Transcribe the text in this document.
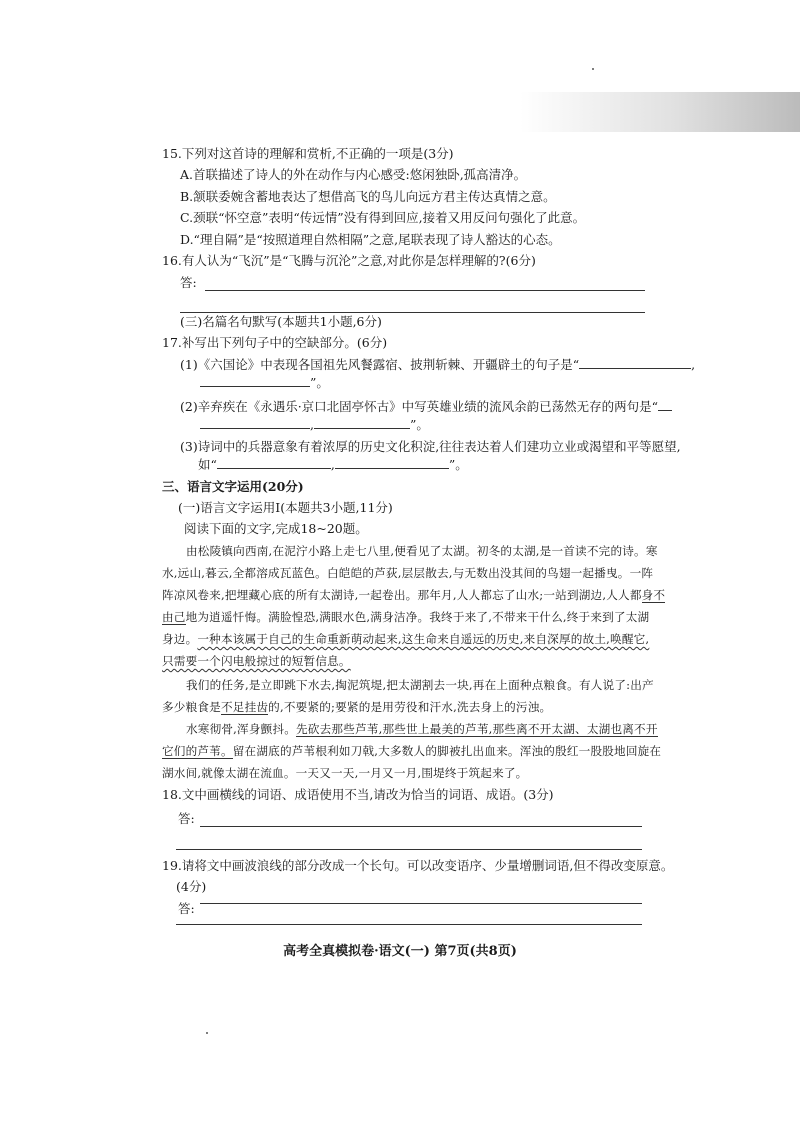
15.下列对这首诗的理解和赏析,不正确的一项是(3分)
A.首联描述了诗人的外在动作与内心感受:悠闲独卧,孤高清净。
B.颔联委婉含蓄地表达了想借高飞的鸟儿向远方君主传达真情之意。
C.颈联“怀空意”表明“传远情”没有得到回应,接着又用反问句强化了此意。
D.“理自隔”是“按照道理自然相隔”之意,尾联表现了诗人豁达的心态。
16.有人认为“飞沉”是“飞腾与沉沦”之意,对此你是怎样理解的?(6分)
答:
(三)名篇名句默写(本题共1小题,6分)
17.补写出下列句子中的空缺部分。(6分)
(1)《六国论》中表现各国祖先风餐露宿、披荆斩棘、开疆辟土的句子是“	,
”。
(2)辛弃疾在《永遇乐·京口北固亭怀古》中写英雄业绩的流风余韵已荡然无存的两句是“
,	”。
(3)诗词中的兵器意象有着浓厚的历史文化积淀,往往表达着人们建功立业或渴望和平等愿望,
如“	,	”。
三、语言文字运用(20分)
(一)语言文字运用Ⅰ(本题共3小题,11分)
阅读下面的文字,完成18~20题。
由松陵镇向西南,在泥泞小路上走七八里,便看见了太湖。初冬的太湖,是一首读不完的诗。寒
水,远山,暮云,全都溶成瓦蓝色。白皑皑的芦荻,层层散去,与无数出没其间的鸟翅一起播曳。一阵
阵凉风卷来,把埋藏心底的所有太湖诗,一起卷出。那年月,人人都忘了山水;一站到湖边,人人都身不
由己地为逍遥忏悔。满脸惶恐,满眼水色,满身洁净。我终于来了,不带来干什么,终于来到了太湖
身边。一种本该属于自己的生命重新萌动起来,这生命来自遥远的历史,来自深厚的故土,唤醒它,
只需要一个闪电般掠过的短暂信息。
我们的任务,是立即跳下水去,掏泥筑堤,把太湖割去一块,再在上面种点粮食。有人说了:出产
多少粮食是不足挂齿的,不要紧的;要紧的是用劳役和汗水,洗去身上的污浊。
水寒彻骨,浑身颤抖。先砍去那些芦苇,那些世上最美的芦苇,那些离不开太湖、太湖也离不开
它们的芦苇。留在湖底的芦苇根利如刀戟,大多数人的脚被扎出血来。浑浊的殷红一股股地回旋在
湖水间,就像太湖在流血。一天又一天,一月又一月,围堤终于筑起来了。
18.文中画横线的词语、成语使用不当,请改为恰当的词语、成语。(3分)
答:
19.请将文中画波浪线的部分改成一个长句。可以改变语序、少量增删词语,但不得改变原意。
(4分)
答:
高考全真模拟卷·语文(一) 第7页(共8页)
